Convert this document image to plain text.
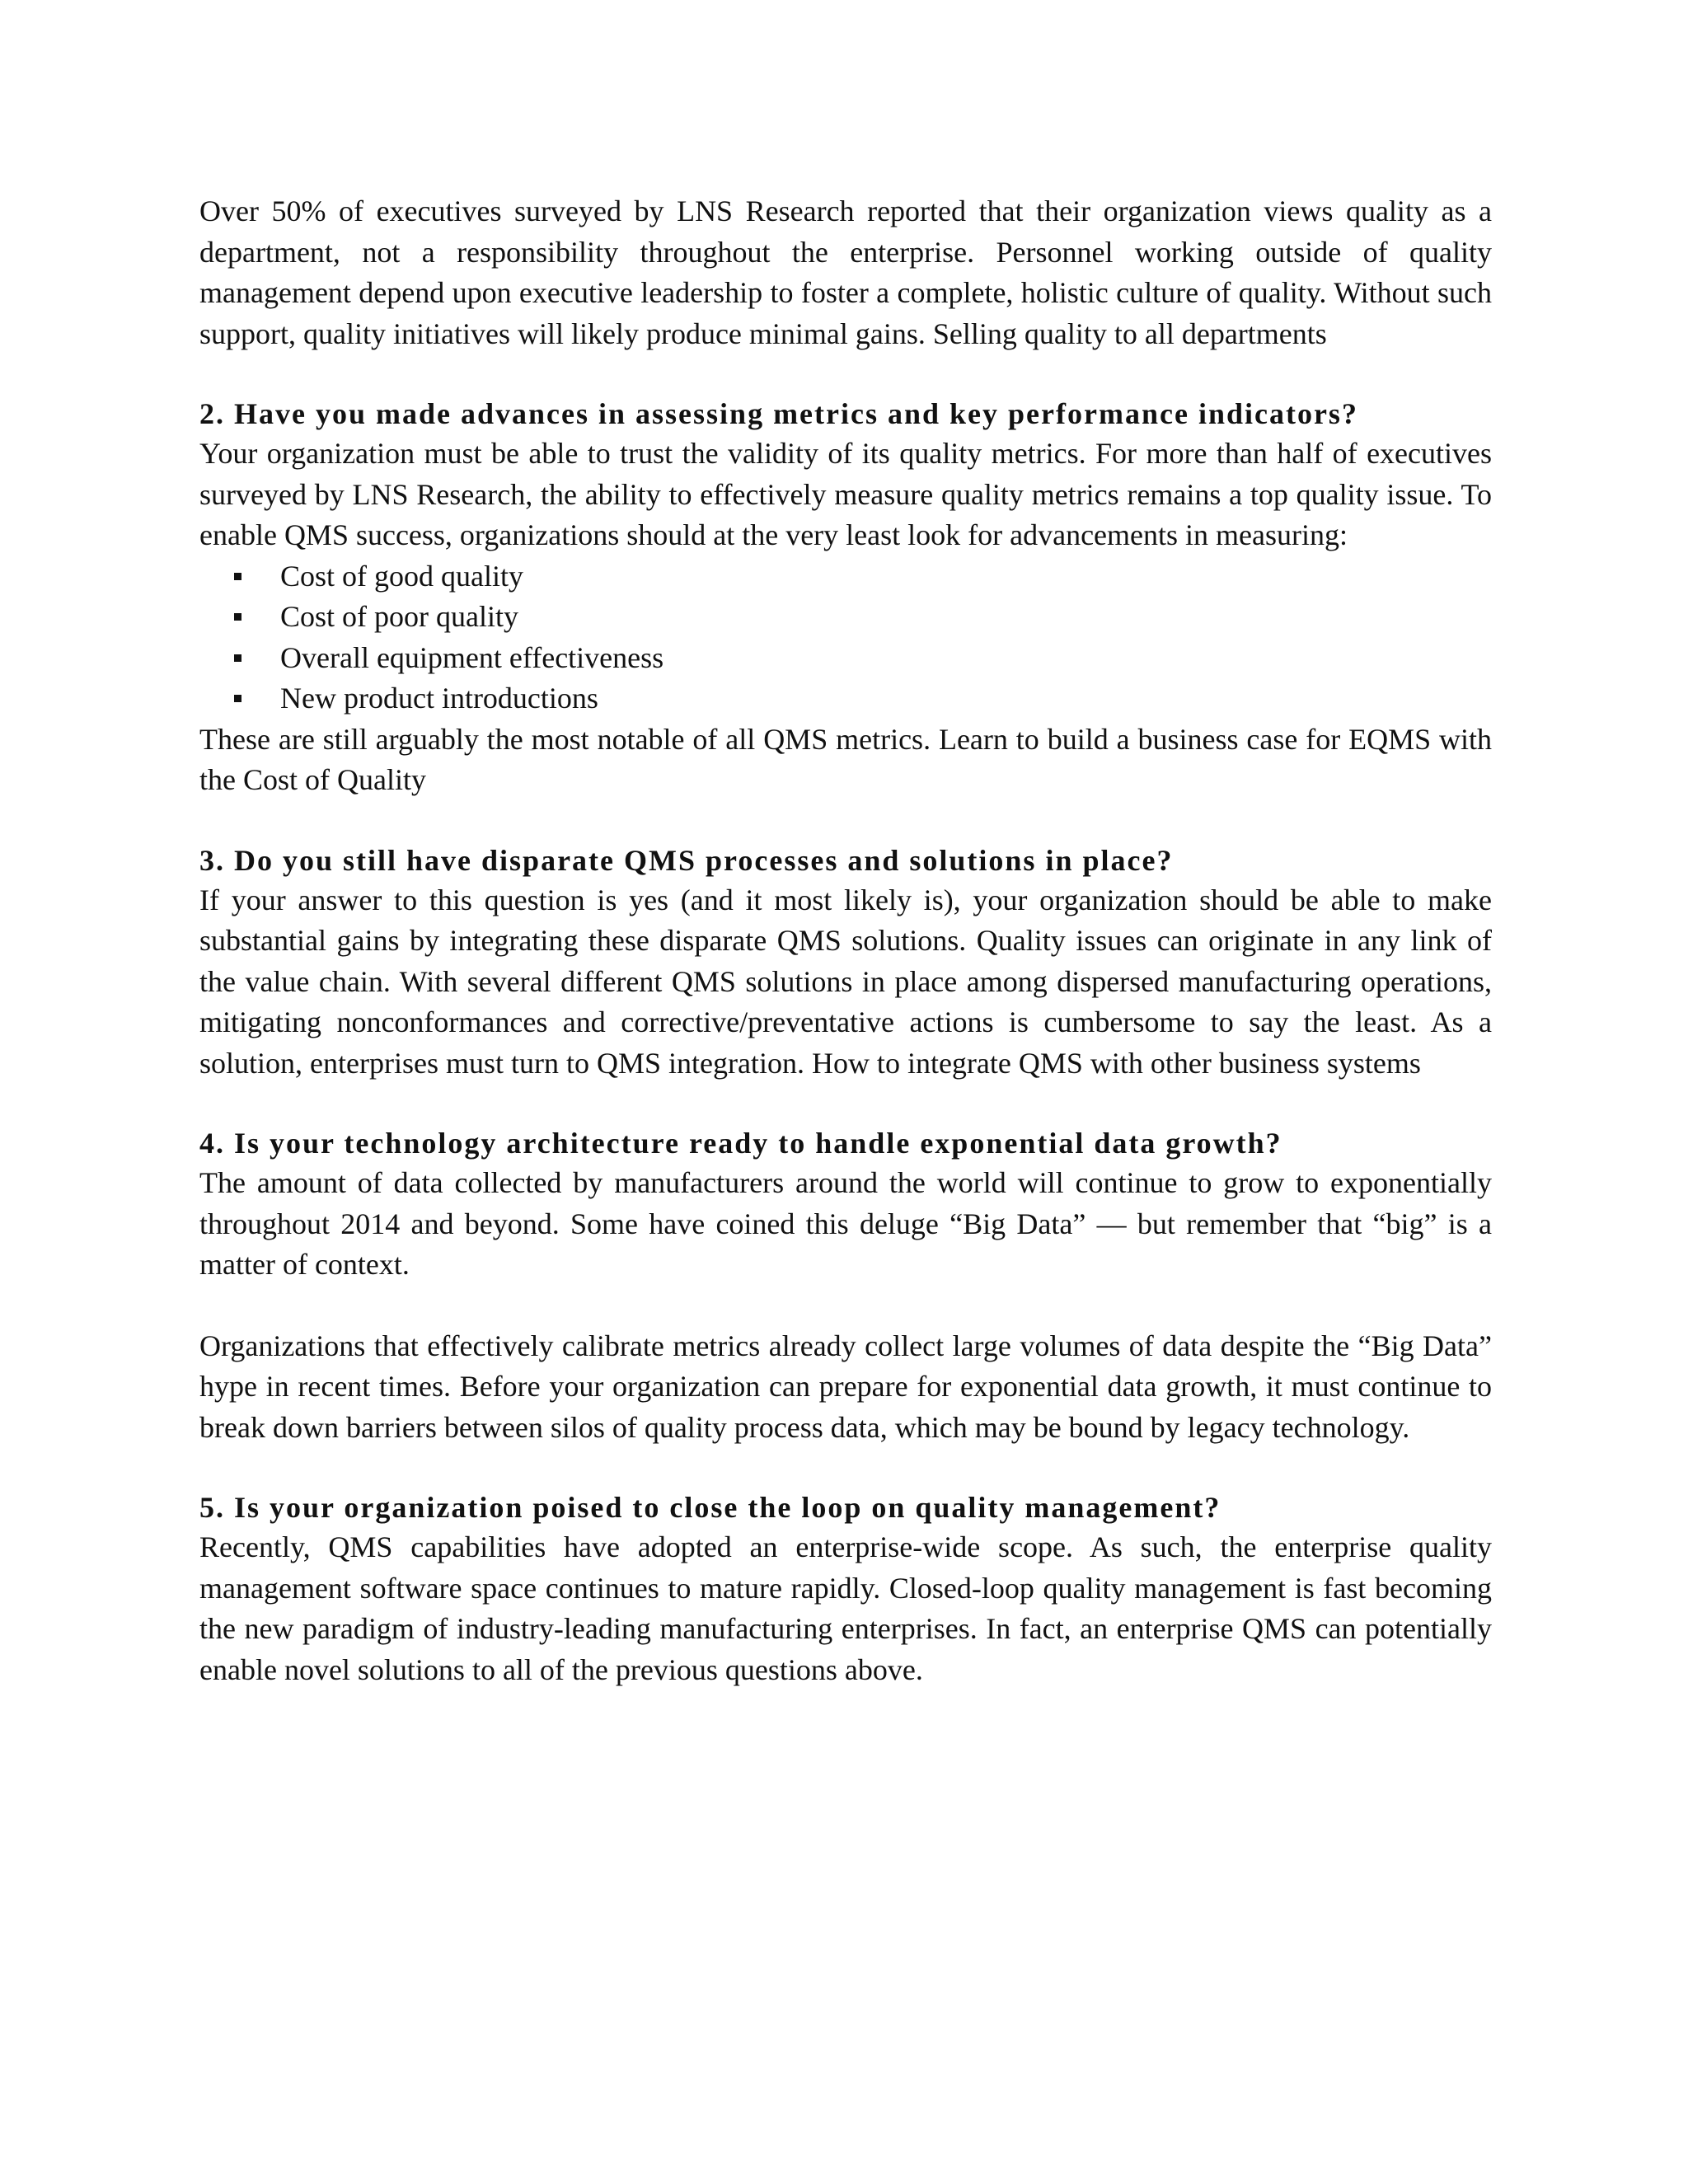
Over 50% of executives surveyed by LNS Research reported that their organization views quality as a department, not a responsibility throughout the enterprise. Personnel working outside of quality management depend upon executive leadership to foster a complete, holistic culture of quality. Without such support, quality initiatives will likely produce minimal gains. Selling quality to all departments

2. Have you made advances in assessing metrics and key performance indicators?

Your organization must be able to trust the validity of its quality metrics. For more than half of executives surveyed by LNS Research, the ability to effectively measure quality metrics remains a top quality issue. To enable QMS success, organizations should at the very least look for advancements in measuring:

Cost of good quality
Cost of poor quality
Overall equipment effectiveness
New product introductions

These are still arguably the most notable of all QMS metrics. Learn to build a business case for EQMS with the Cost of Quality

3. Do you still have disparate QMS processes and solutions in place?

If your answer to this question is yes (and it most likely is), your organization should be able to make substantial gains by integrating these disparate QMS solutions. Quality issues can originate in any link of the value chain. With several different QMS solutions in place among dispersed manufacturing operations, mitigating nonconformances and corrective/preventative actions is cumbersome to say the least. As a solution, enterprises must turn to QMS integration. How to integrate QMS with other business systems

4. Is your technology architecture ready to handle exponential data growth?

The amount of data collected by manufacturers around the world will continue to grow to exponentially throughout 2014 and beyond. Some have coined this deluge “Big Data” — but remember that “big” is a matter of context.

Organizations that effectively calibrate metrics already collect large volumes of data despite the “Big Data” hype in recent times. Before your organization can prepare for exponential data growth, it must continue to break down barriers between silos of quality process data, which may be bound by legacy technology.

5. Is your organization poised to close the loop on quality management?

Recently, QMS capabilities have adopted an enterprise-wide scope. As such, the enterprise quality management software space continues to mature rapidly. Closed-loop quality management is fast becoming the new paradigm of industry-leading manufacturing enterprises. In fact, an enterprise QMS can potentially enable novel solutions to all of the previous questions above.
